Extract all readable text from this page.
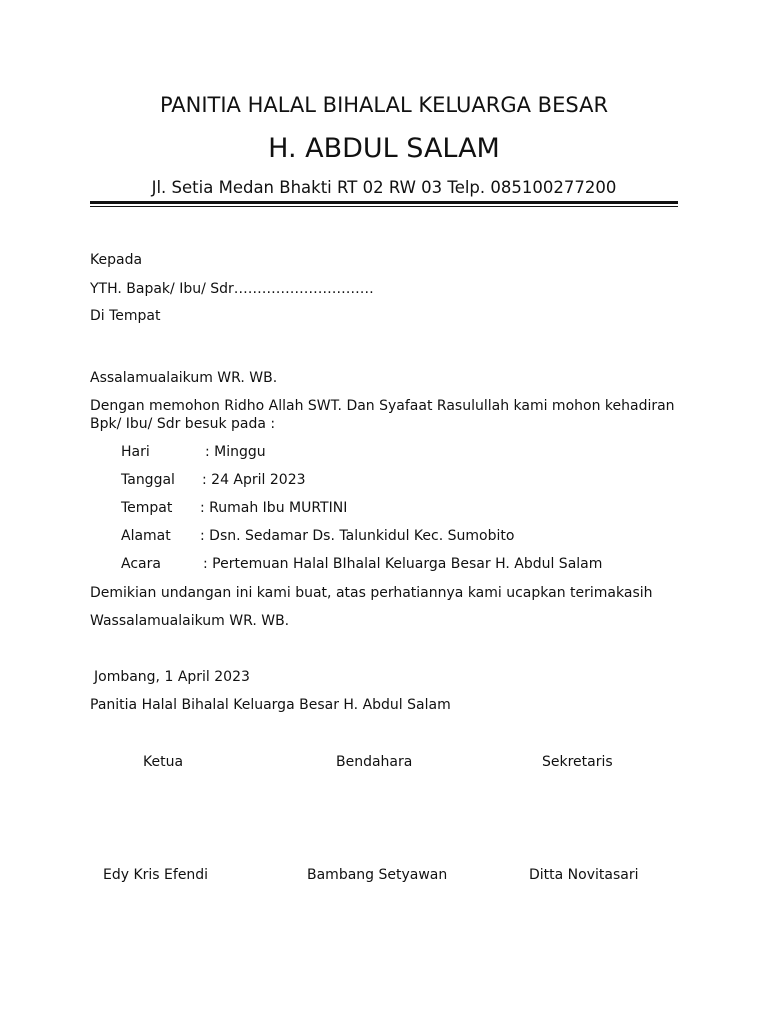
PANITIA HALAL BIHALAL KELUARGA BESAR
H. ABDUL SALAM
Jl. Setia Medan Bhakti RT 02 RW 03 Telp. 085100277200
Kepada
YTH. Bapak/ Ibu/ Sdr…………………………
Di Tempat
Assalamualaikum WR. WB.
Dengan memohon Ridho Allah SWT. Dan Syafaat Rasulullah kami mohon kehadiran Bpk/ Ibu/ Sdr besuk pada :
Hari	: Minggu
Tanggal : 24 April 2023
Tempat : Rumah Ibu MURTINI
Alamat : Dsn. Sedamar Ds. Talunkidul Kec. Sumobito
Acara	: Pertemuan Halal BIhalal Keluarga Besar H. Abdul Salam
Demikian undangan ini kami buat, atas perhatiannya kami ucapkan terimakasih
Wassalamualaikum WR. WB.
Jombang, 1 April 2023
Panitia Halal Bihalal Keluarga Besar H. Abdul Salam
Ketua	Bendahara	Sekretaris
Edy Kris Efendi	Bambang Setyawan	Ditta Novitasari
